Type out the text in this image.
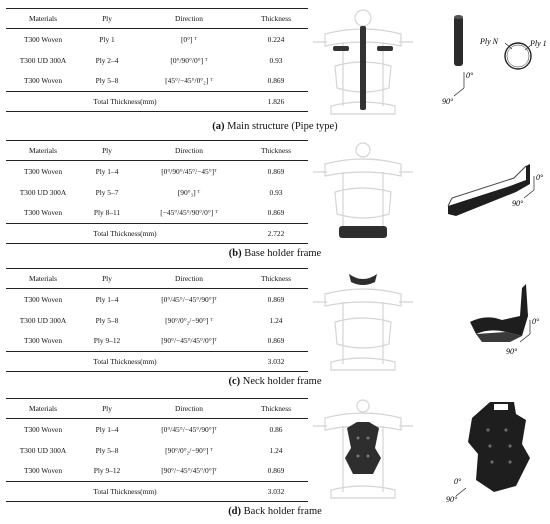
Materials	Ply	Direction	Thickness
T300 Woven	Ply 1	[0°] ᵀ	0.224
T300 UD 300A	Ply 2–4	[0°/90°/0°] ᵀ	0.93
T300 Woven	Ply 5–8	[45°/−45°/0°₂] ᵀ	0.869
Total Thickness(mm)			1.826
Ply N	Ply 1
0°
90°
(a) Main structure (Pipe type)
Materials	Ply	Direction	Thickness
T300 Woven	Ply 1–4	[0°/90°/45°/−45°]ᵀ	0.869
T300 UD 300A	Ply 5–7	[90°₃] ᵀ	0.93
T300 Woven	Ply 8–11	[−45°/45°/90°/0°] ᵀ	0.869
Total Thickness(mm)			2.722
0°
90°
(b) Base holder frame
Materials	Ply	Direction	Thickness
T300 Woven	Ply 1–4	[0°/45°/−45°/90°]ᵀ	0.869
T300 UD 300A	Ply 5–8	[90°/0°₂/−90°] ᵀ	1.24
T300 Woven	Ply 9–12	[90°/−45°/45°/0°]ᵀ	0.869
Total Thickness(mm)			3.032
0°
90°
(c) Neck holder frame
Materials	Ply	Direction	Thickness
T300 Woven	Ply 1–4	[0°/45°/−45°/90°]ᵀ	0.86
T300 UD 300A	Ply 5–8	[90°/0°₂/−90°] ᵀ	1.24
T300 Woven	Ply 9–12	[90°/−45°/45°/0°]ᵀ	0.869
Total Thickness(mm)			3.032
0°
90°
(d) Back holder frame
